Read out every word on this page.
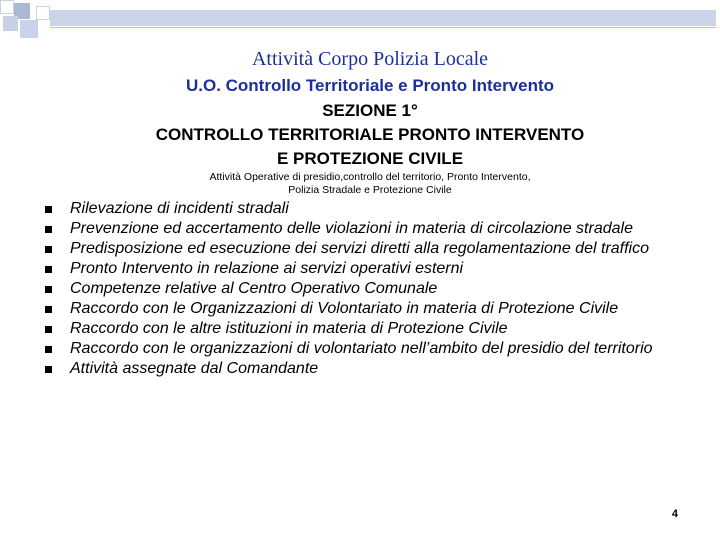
Attività Corpo Polizia Locale
U.O. Controllo Territoriale e Pronto Intervento
SEZIONE 1°
CONTROLLO TERRITORIALE PRONTO INTERVENTO
E PROTEZIONE CIVILE
Attività Operative di presidio,controllo del territorio, Pronto Intervento,
Polizia Stradale e Protezione Civile
Rilevazione di incidenti stradali
Prevenzione ed accertamento delle violazioni in materia di circolazione stradale
Predisposizione ed esecuzione dei servizi diretti alla regolamentazione del traffico
Pronto Intervento in relazione ai servizi operativi esterni
Competenze relative al Centro Operativo Comunale
Raccordo con le Organizzazioni di Volontariato in materia di Protezione Civile
Raccordo con le altre istituzioni in materia di Protezione Civile
Raccordo con le organizzazioni di volontariato nell’ambito del presidio del territorio
Attività assegnate dal Comandante
4
